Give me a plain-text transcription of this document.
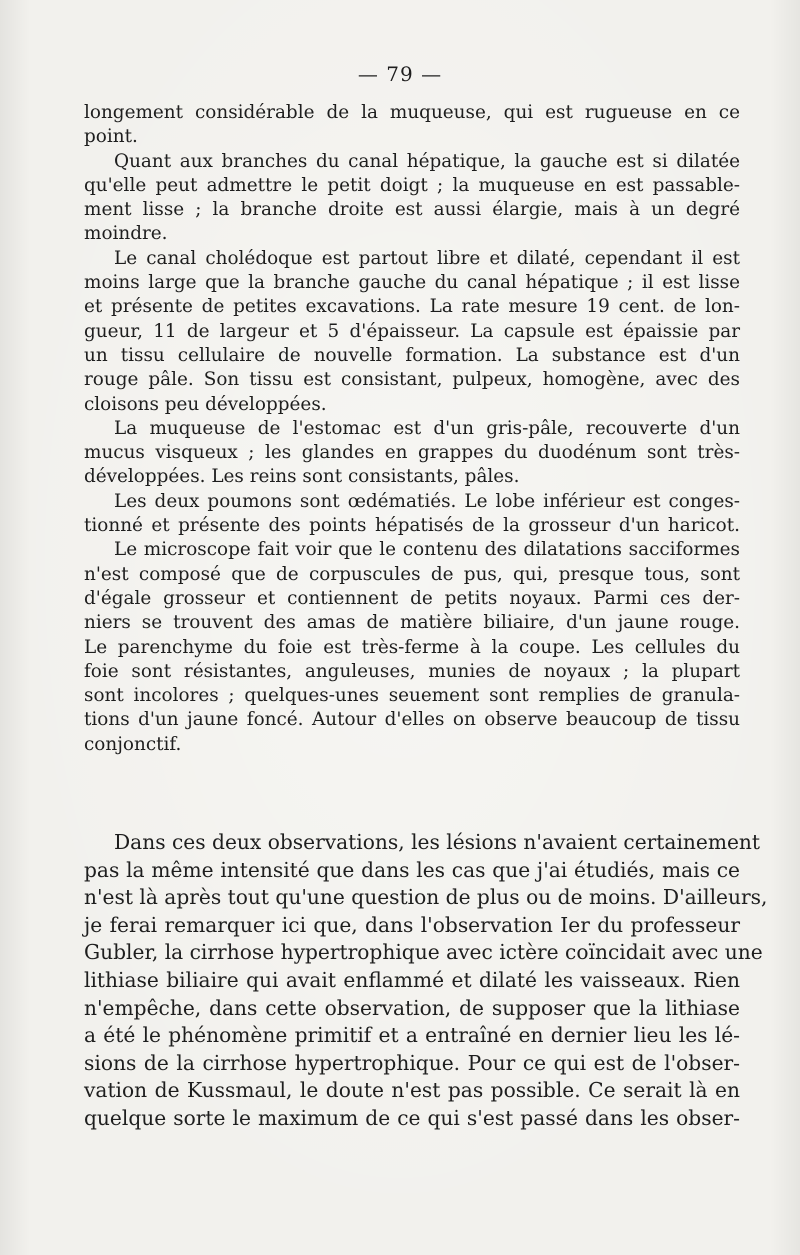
— 79 —
longement considérable de la muqueuse, qui est rugueuse en ce
point.
Quant aux branches du canal hépatique, la gauche est si dilatée
qu'elle peut admettre le petit doigt ; la muqueuse en est passable-
ment lisse ; la branche droite est aussi élargie, mais à un degré
moindre.
Le canal cholédoque est partout libre et dilaté, cependant il est
moins large que la branche gauche du canal hépatique ; il est lisse
et présente de petites excavations. La rate mesure 19 cent. de lon-
gueur, 11 de largeur et 5 d'épaisseur. La capsule est épaissie par
un tissu cellulaire de nouvelle formation. La substance est d'un
rouge pâle. Son tissu est consistant, pulpeux, homogène, avec des
cloisons peu développées.
La muqueuse de l'estomac est d'un gris-pâle, recouverte d'un
mucus visqueux ; les glandes en grappes du duodénum sont très-
développées. Les reins sont consistants, pâles.
Les deux poumons sont œdématiés. Le lobe inférieur est conges-
tionné et présente des points hépatisés de la grosseur d'un haricot.
Le microscope fait voir que le contenu des dilatations sacciformes
n'est composé que de corpuscules de pus, qui, presque tous, sont
d'égale grosseur et contiennent de petits noyaux. Parmi ces der-
niers se trouvent des amas de matière biliaire, d'un jaune rouge.
Le parenchyme du foie est très-ferme à la coupe. Les cellules du
foie sont résistantes, anguleuses, munies de noyaux ; la plupart
sont incolores ; quelques-unes seuement sont remplies de granula-
tions d'un jaune foncé. Autour d'elles on observe beaucoup de tissu
conjonctif.
Dans ces deux observations, les lésions n'avaient certainement
pas la même intensité que dans les cas que j'ai étudiés, mais ce
n'est là après tout qu'une question de plus ou de moins. D'ailleurs,
je ferai remarquer ici que, dans l'observation Ier du professeur
Gubler, la cirrhose hypertrophique avec ictère coïncidait avec une
lithiase biliaire qui avait enflammé et dilaté les vaisseaux. Rien
n'empêche, dans cette observation, de supposer que la lithiase
a été le phénomène primitif et a entraîné en dernier lieu les lé-
sions de la cirrhose hypertrophique. Pour ce qui est de l'obser-
vation de Kussmaul, le doute n'est pas possible. Ce serait là en
quelque sorte le maximum de ce qui s'est passé dans les obser-
